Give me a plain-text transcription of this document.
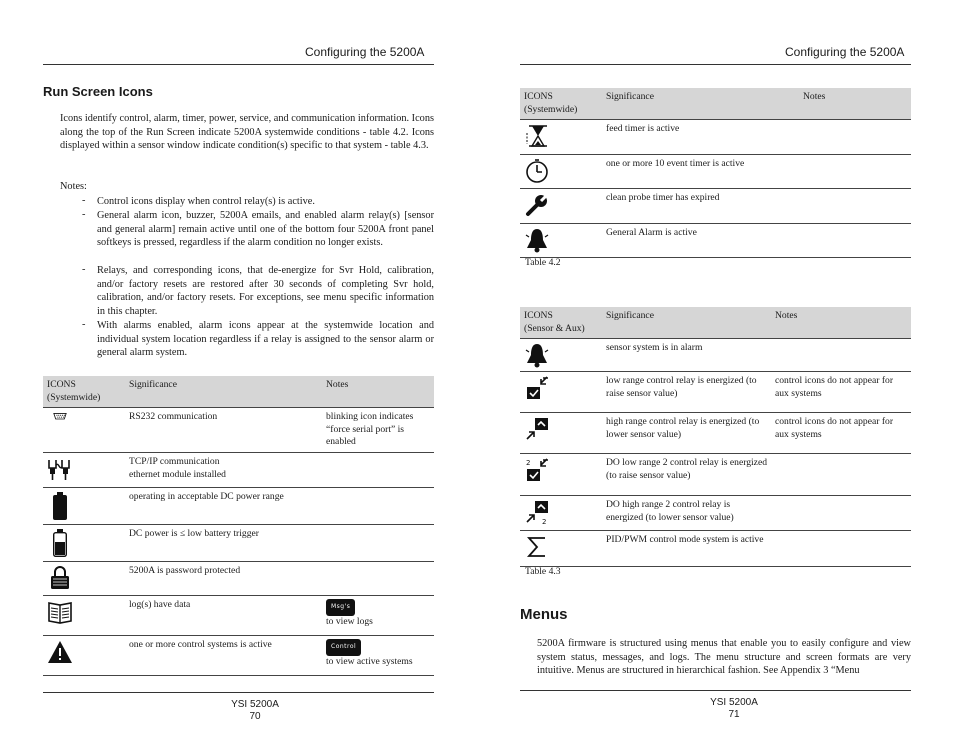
Configuring the 5200A
Run Screen Icons
Icons identify control, alarm, timer, power, service, and communication information. Icons along the top of the Run Screen indicate 5200A systemwide conditions - table 4.2. Icons displayed within a sensor window indicate condition(s) specific to that system - table 4.3.
Notes:
- Control icons display when control relay(s) is active.
- General alarm icon, buzzer, 5200A emails, and enabled alarm relay(s) [sensor and general alarm] remain active until one of the bottom four 5200A front panel softkeys is pressed, regardless if the alarm condition no longer exists.
- Relays, and corresponding icons, that de-energize for Svr Hold, calibration, and/or factory resets are restored after 30 seconds of completing Svr hold, calibration, and/or factory resets. For exceptions, see menu specific information in this chapter.
- With alarms enabled, alarm icons appear at the systemwide location and individual system location regardless if a relay is assigned to the sensor alarm or general alarm system.
ICONS
(Systemwide)	Significance	Notes

	RS232 communication	blinking icon indicates “force serial port” is enabled

	TCP/IP communication
ethernet module installed	

	operating in acceptable DC power range	

	DC power is ≤ low battery trigger	

	5200A is password protected	

	log(s) have data	Msg's
to view logs

	one or more control systems is active	Control
to view active systems
YSI 5200A
70
Configuring the 5200A
ICONS
(Systemwide)	Significance	Notes

	feed timer is active	

	one or more 10 event timer is active	

	clean probe timer has expired	

	General Alarm is active	
Table 4.2
ICONS
(Sensor & Aux)	Significance	Notes

	sensor system is in alarm	

	low range control relay is energized (to raise sensor value)	control icons do not appear for aux systems

	high range control relay is energized (to lower sensor value)	control icons do not appear for aux systems

2	DO low range 2 control relay is energized (to raise sensor value)	

2	DO high range 2 control relay is energized (to lower sensor value)	

	PID/PWM control mode system is active	
Table 4.3
Menus
5200A firmware is structured using menus that enable you to easily configure and view system status, messages, and logs. The menu structure and screen formats are very intuitive. Menus are structured in hierarchical fashion. See Appendix 3 “Menu
YSI 5200A
71
